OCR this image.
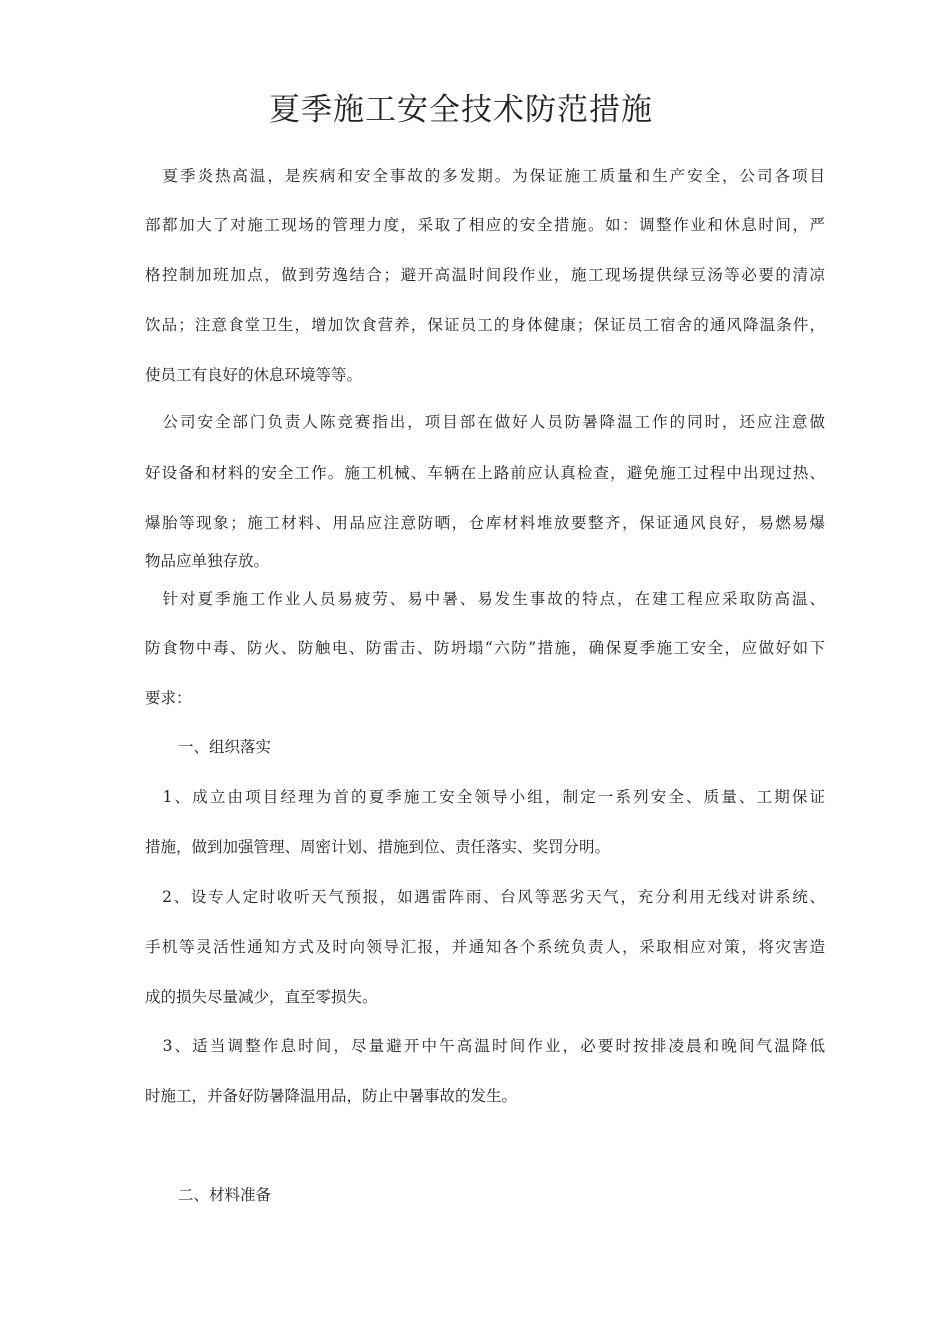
夏季施工安全技术防范措施
　夏季炎热高温，是疾病和安全事故的多发期。为保证施工质量和生产安全，公司各项目
部都加大了对施工现场的管理力度，采取了相应的安全措施。如：调整作业和休息时间，严
格控制加班加点，做到劳逸结合；避开高温时间段作业，施工现场提供绿豆汤等必要的清凉
饮品；注意食堂卫生，增加饮食营养，保证员工的身体健康；保证员工宿舍的通风降温条件，
使员工有良好的休息环境等等。
　公司安全部门负责人陈竞赛指出，项目部在做好人员防暑降温工作的同时，还应注意做
好设备和材料的安全工作。施工机械、车辆在上路前应认真检查，避免施工过程中出现过热、
爆胎等现象；施工材料、用品应注意防晒，仓库材料堆放要整齐，保证通风良好，易燃易爆
物品应单独存放。
　针对夏季施工作业人员易疲劳、易中暑、易发生事故的特点，在建工程应采取防高温、
防食物中毒、防火、防触电、防雷击、防坍塌“六防”措施，确保夏季施工安全，应做好如下
要求：
一、组织落实
　1、成立由项目经理为首的夏季施工安全领导小组，制定一系列安全、质量、工期保证
措施，做到加强管理、周密计划、措施到位、责任落实、奖罚分明。
　2、设专人定时收听天气预报，如遇雷阵雨、台风等恶劣天气，充分利用无线对讲系统、
手机等灵活性通知方式及时向领导汇报，并通知各个系统负责人，采取相应对策，将灾害造
成的损失尽量减少，直至零损失。
　3、适当调整作息时间，尽量避开中午高温时间作业，必要时按排凌晨和晚间气温降低
时施工，并备好防暑降温用品，防止中暑事故的发生。
二、材料准备
